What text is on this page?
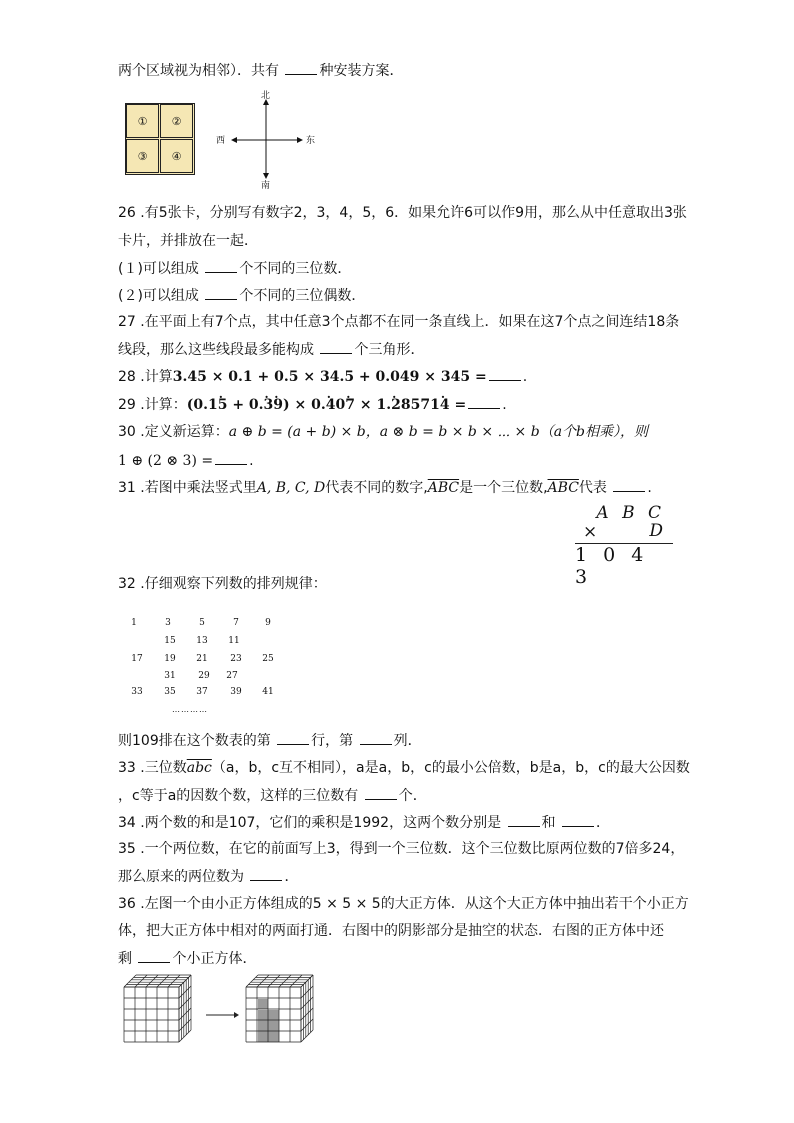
两个区域视为相邻）．共有	种安装方案．
①	②
③	④
北
南
西	东
26 .有5张卡，分别写有数字2，3，4，5，6．如果允许6可以作9用，那么从中任意取出3张
卡片，并排放在一起．
(１)可以组成	个不同的三位数．
(２)可以组成	个不同的三位偶数．
27 .在平面上有7个点，其中任意3个点都不在同一条直线上．如果在这7个点之间连结18条
线段，那么这些线段最多能构成	个三角形．
28 .计算3.45 × 0.1 + 0.5 × 34.5 + 0.049 × 345 =	.
29 .计算：(0.15 · + 0.3 ·9 ·) × 0.4 ·07 · × 1.2 ·85714 · =	.
30 .定义新运算：a ⊕ b = (a + b) × b，a ⊗ b = b × b × ⋯ × b（a个b相乘），则
1 ⊕ (2 ⊗ 3) =	.
31 .若图中乘法竖式里A, B, C, D代表不同的数字$,\overline{ABC}$是一个三位数$,\overline{ABC}$代表	.
A B C
×	D
1 0 4 3
32 .仔细观察下列数的排列规律：
1	3	5	7	9
15	13	11
17	19	21	23	25
31	29	27
33	35	37	39	41
…………
则109排在这个数表的第	行，第	列．
33 .三位数$\overline{abc}(a$，b，c互不相同），a是a，b，c的最小公倍数，b是a，b，c的最大公因数
，c等于a的因数个数，这样的三位数有	个．
34 .两个数的和是107，它们的乘积是1992，这两个数分别是	和	．
35 .一个两位数，在它的前面写上3，得到一个三位数．这个三位数比原两位数的7倍多24，
那么原来的两位数为	．
36 .左图一个由小正方体组成的5 × 5 × 5的大正方体．从这个大正方体中抽出若干个小正方
体，把大正方体中相对的两面打通．右图中的阴影部分是抽空的状态．右图的正方体中还
剩	个小正方体．
